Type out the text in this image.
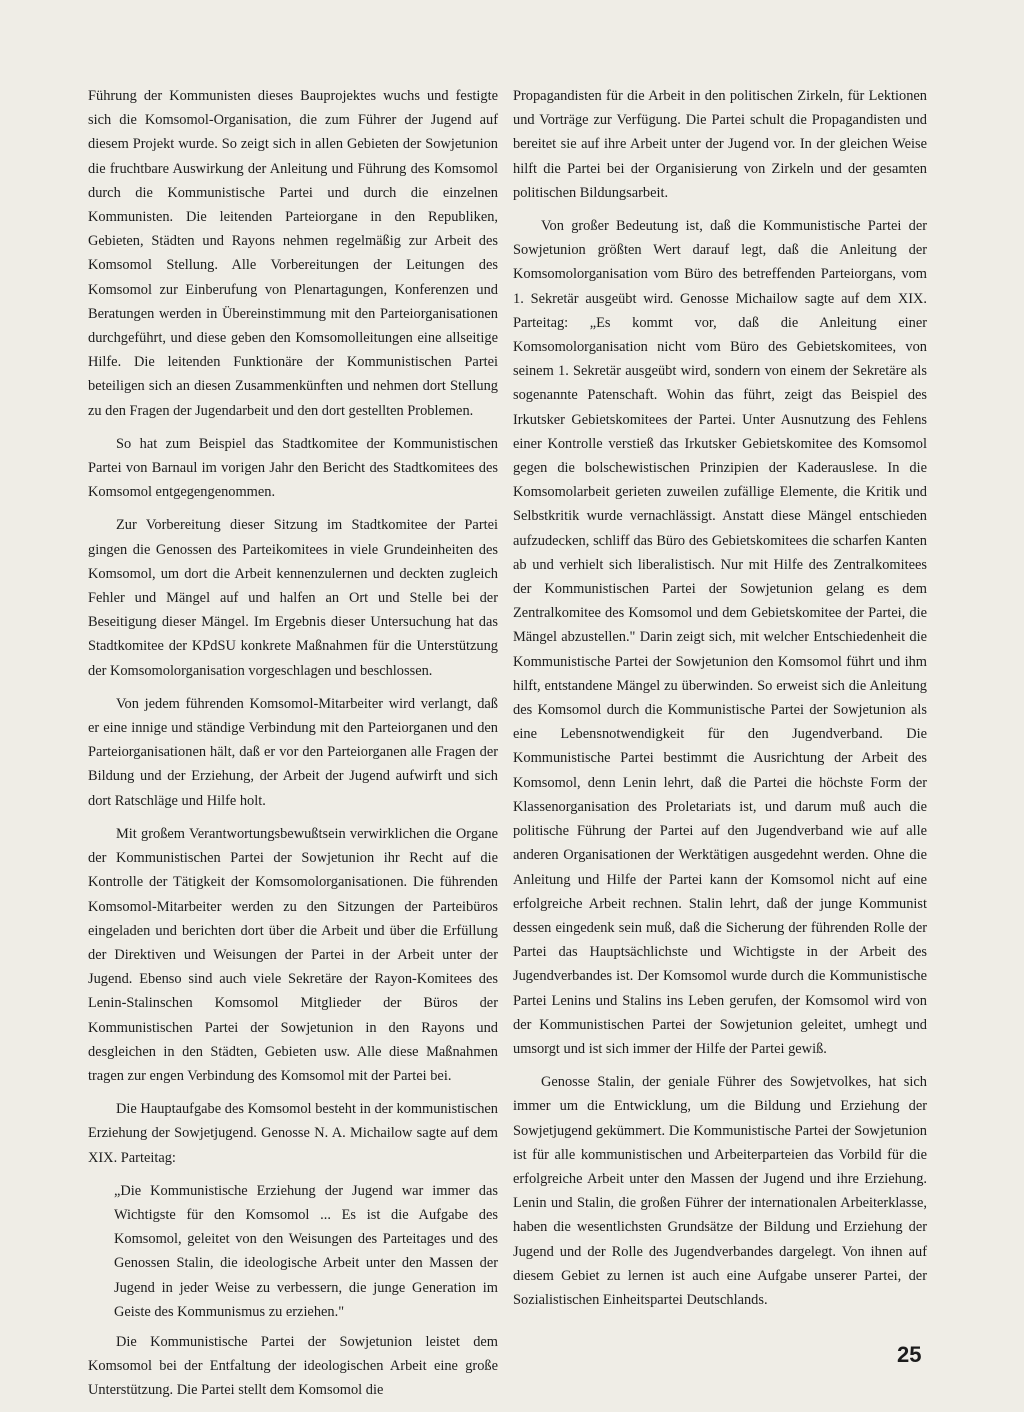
Führung der Kommunisten dieses Bauprojektes wuchs und festigte sich die Komsomol-Organisation, die zum Führer der Jugend auf diesem Projekt wurde. So zeigt sich in allen Gebieten der Sowjetunion die fruchtbare Auswirkung der Anleitung und Führung des Komsomol durch die Kommunistische Partei und durch die einzelnen Kommunisten. Die leitenden Parteiorgane in den Republiken, Gebieten, Städten und Rayons nehmen regelmäßig zur Arbeit des Komsomol Stellung. Alle Vorbereitungen der Leitungen des Komsomol zur Einberufung von Plenartagungen, Konferenzen und Beratungen werden in Übereinstimmung mit den Parteiorganisationen durchgeführt, und diese geben den Komsomolleitungen eine allseitige Hilfe. Die leitenden Funktionäre der Kommunistischen Partei beteiligen sich an diesen Zusammenkünften und nehmen dort Stellung zu den Fragen der Jugendarbeit und den dort gestellten Problemen.

So hat zum Beispiel das Stadtkomitee der Kommunistischen Partei von Barnaul im vorigen Jahr den Bericht des Stadtkomitees des Komsomol entgegengenommen.

Zur Vorbereitung dieser Sitzung im Stadtkomitee der Partei gingen die Genossen des Parteikomitees in viele Grundeinheiten des Komsomol, um dort die Arbeit kennenzulernen und deckten zugleich Fehler und Mängel auf und halfen an Ort und Stelle bei der Beseitigung dieser Mängel. Im Ergebnis dieser Untersuchung hat das Stadtkomitee der KPdSU konkrete Maßnahmen für die Unterstützung der Komsomolorganisation vorgeschlagen und beschlossen.

Von jedem führenden Komsomol-Mitarbeiter wird verlangt, daß er eine innige und ständige Verbindung mit den Parteiorganen und den Parteiorganisationen hält, daß er vor den Parteiorganen alle Fragen der Bildung und der Erziehung, der Arbeit der Jugend aufwirft und sich dort Ratschläge und Hilfe holt.

Mit großem Verantwortungsbewußtsein verwirklichen die Organe der Kommunistischen Partei der Sowjetunion ihr Recht auf die Kontrolle der Tätigkeit der Komsomolorganisationen. Die führenden Komsomol-Mitarbeiter werden zu den Sitzungen der Parteibüros eingeladen und berichten dort über die Arbeit und über die Erfüllung der Direktiven und Weisungen der Partei in der Arbeit unter der Jugend. Ebenso sind auch viele Sekretäre der Rayon-Komitees des Lenin-Stalinschen Komsomol Mitglieder der Büros der Kommunistischen Partei der Sowjetunion in den Rayons und desgleichen in den Städten, Gebieten usw. Alle diese Maßnahmen tragen zur engen Verbindung des Komsomol mit der Partei bei.

Die Hauptaufgabe des Komsomol besteht in der kommunistischen Erziehung der Sowjetjugend. Genosse N. A. Michailow sagte auf dem XIX. Parteitag:

„Die Kommunistische Erziehung der Jugend war immer das Wichtigste für den Komsomol ... Es ist die Aufgabe des Komsomol, geleitet von den Weisungen des Parteitages und des Genossen Stalin, die ideologische Arbeit unter den Massen der Jugend in jeder Weise zu verbessern, die junge Generation im Geiste des Kommunismus zu erziehen."

Die Kommunistische Partei der Sowjetunion leistet dem Komsomol bei der Entfaltung der ideologischen Arbeit eine große Unterstützung. Die Partei stellt dem Komsomol die

Propagandisten für die Arbeit in den politischen Zirkeln, für Lektionen und Vorträge zur Verfügung. Die Partei schult die Propagandisten und bereitet sie auf ihre Arbeit unter der Jugend vor. In der gleichen Weise hilft die Partei bei der Organisierung von Zirkeln und der gesamten politischen Bildungsarbeit.

Von großer Bedeutung ist, daß die Kommunistische Partei der Sowjetunion größten Wert darauf legt, daß die Anleitung der Komsomolorganisation vom Büro des betreffenden Parteiorgans, vom 1. Sekretär ausgeübt wird. Genosse Michailow sagte auf dem XIX. Parteitag: „Es kommt vor, daß die Anleitung einer Komsomolorganisation nicht vom Büro des Gebietskomitees, von seinem 1. Sekretär ausgeübt wird, sondern von einem der Sekretäre als sogenannte Patenschaft. Wohin das führt, zeigt das Beispiel des Irkutsker Gebietskomitees der Partei. Unter Ausnutzung des Fehlens einer Kontrolle verstieß das Irkutsker Gebietskomitee des Komsomol gegen die bolschewistischen Prinzipien der Kaderauslese. In die Komsomolarbeit gerieten zuweilen zufällige Elemente, die Kritik und Selbstkritik wurde vernachlässigt. Anstatt diese Mängel entschieden aufzudecken, schliff das Büro des Gebietskomitees die scharfen Kanten ab und verhielt sich liberalistisch. Nur mit Hilfe des Zentralkomitees der Kommunistischen Partei der Sowjetunion gelang es dem Zentralkomitee des Komsomol und dem Gebietskomitee der Partei, die Mängel abzustellen." Darin zeigt sich, mit welcher Entschiedenheit die Kommunistische Partei der Sowjetunion den Komsomol führt und ihm hilft, entstandene Mängel zu überwinden. So erweist sich die Anleitung des Komsomol durch die Kommunistische Partei der Sowjetunion als eine Lebensnotwendigkeit für den Jugendverband. Die Kommunistische Partei bestimmt die Ausrichtung der Arbeit des Komsomol, denn Lenin lehrt, daß die Partei die höchste Form der Klassenorganisation des Proletariats ist, und darum muß auch die politische Führung der Partei auf den Jugendverband wie auf alle anderen Organisationen der Werktätigen ausgedehnt werden. Ohne die Anleitung und Hilfe der Partei kann der Komsomol nicht auf eine erfolgreiche Arbeit rechnen. Stalin lehrt, daß der junge Kommunist dessen eingedenk sein muß, daß die Sicherung der führenden Rolle der Partei das Hauptsächlichste und Wichtigste in der Arbeit des Jugendverbandes ist. Der Komsomol wurde durch die Kommunistische Partei Lenins und Stalins ins Leben gerufen, der Komsomol wird von der Kommunistischen Partei der Sowjetunion geleitet, umhegt und umsorgt und ist sich immer der Hilfe der Partei gewiß.

Genosse Stalin, der geniale Führer des Sowjetvolkes, hat sich immer um die Entwicklung, um die Bildung und Erziehung der Sowjetjugend gekümmert. Die Kommunistische Partei der Sowjetunion ist für alle kommunistischen und Arbeiterparteien das Vorbild für die erfolgreiche Arbeit unter den Massen der Jugend und ihre Erziehung. Lenin und Stalin, die großen Führer der internationalen Arbeiterklasse, haben die wesentlichsten Grundsätze der Bildung und Erziehung der Jugend und der Rolle des Jugendverbandes dargelegt. Von ihnen auf diesem Gebiet zu lernen ist auch eine Aufgabe unserer Partei, der Sozialistischen Einheitspartei Deutschlands.

25
